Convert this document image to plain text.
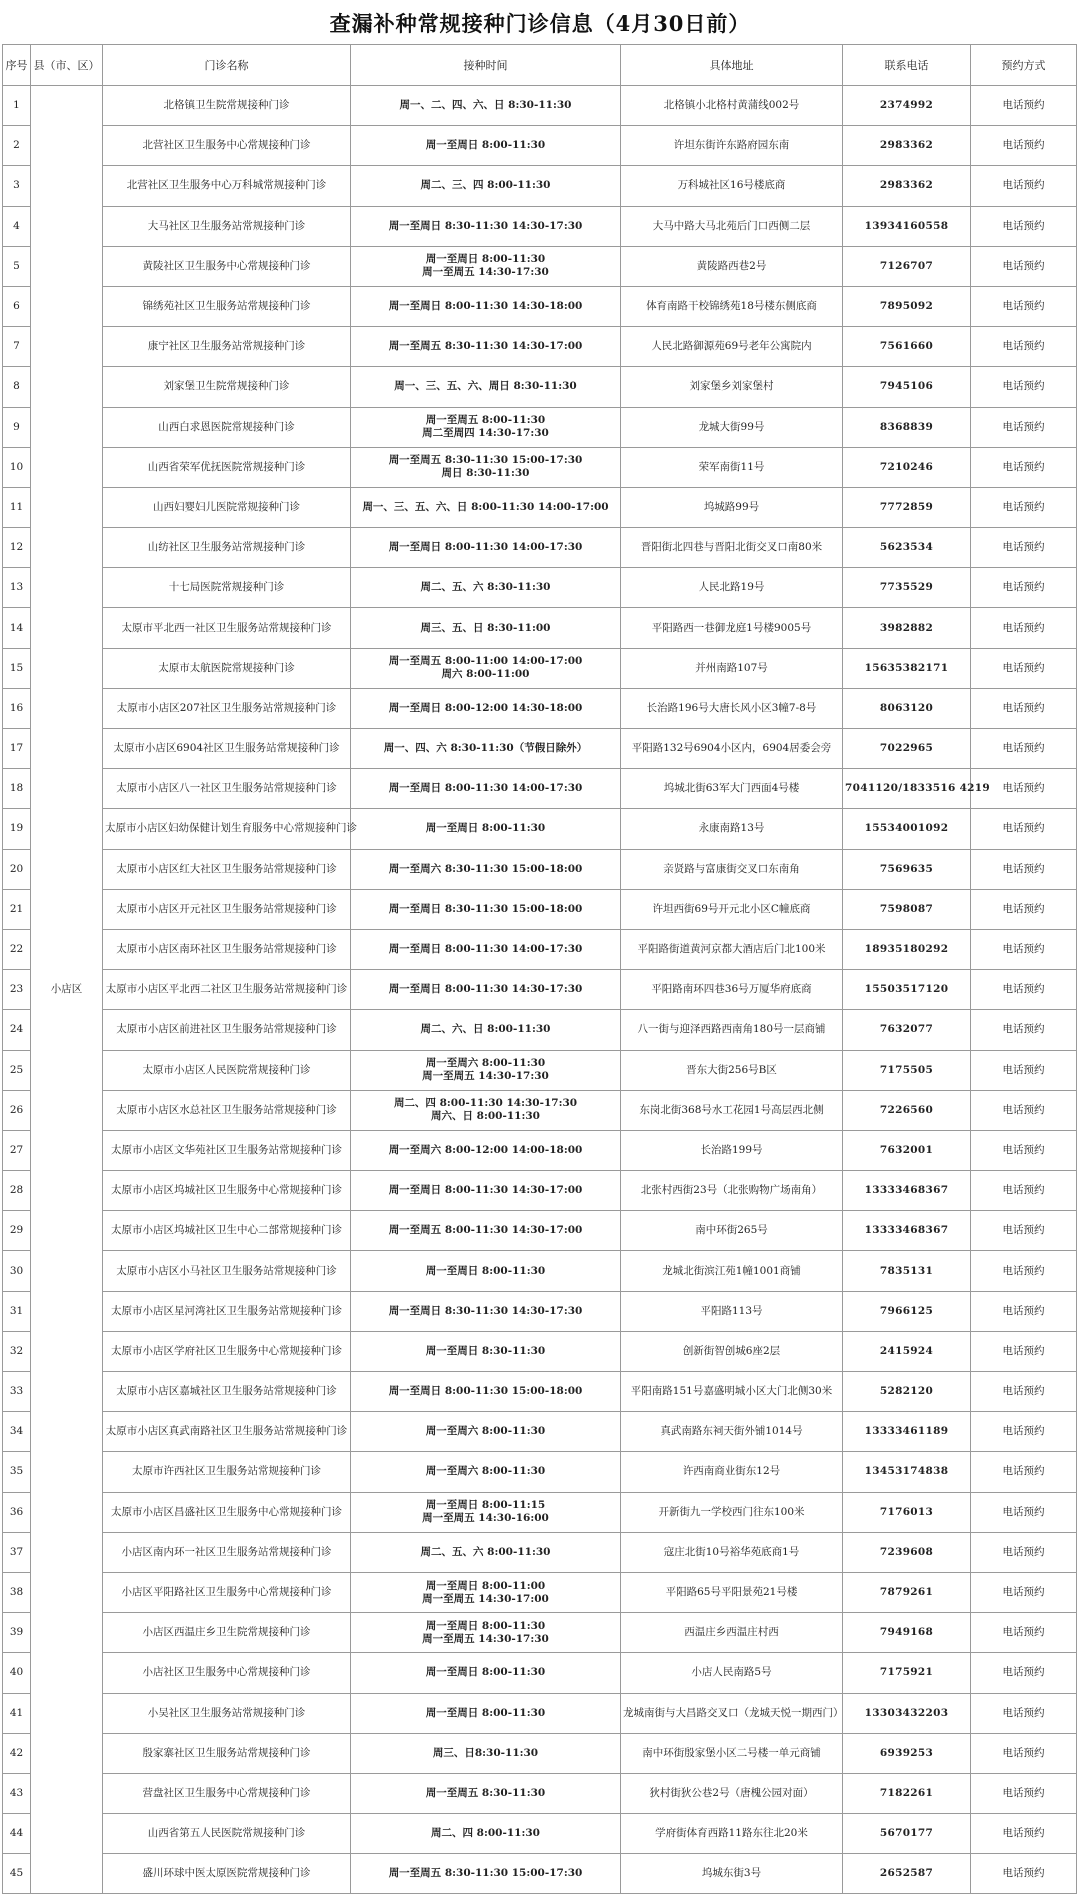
查漏补种常规接种门诊信息（4月30日前）
序号	县（市、区）	门诊名称	接种时间	具体地址	联系电话	预约方式
1	小店区	北格镇卫生院常规接种门诊	周一、二、四、六、日 8:30-11:30	北格镇小北格村黄蒲线002号	2374992	电话预约
2		北营社区卫生服务中心常规接种门诊	周一至周日 8:00-11:30	许坦东街许东路府园东南	2983362	电话预约
3		北营社区卫生服务中心万科城常规接种门诊	周二、三、四 8:00-11:30	万科城社区16号楼底商	2983362	电话预约
4		大马社区卫生服务站常规接种门诊	周一至周日 8:30-11:30 14:30-17:30	大马中路大马北苑后门口西侧二层	13934160558	电话预约
5		黄陵社区卫生服务中心常规接种门诊	周一至周日 8:00-11:30
周一至周五 14:30-17:30	黄陵路西巷2号	7126707	电话预约
6		锦绣苑社区卫生服务站常规接种门诊	周一至周日 8:00-11:30 14:30-18:00	体育南路干校锦绣苑18号楼东侧底商	7895092	电话预约
7		康宁社区卫生服务站常规接种门诊	周一至周五 8:30-11:30 14:30-17:00	人民北路御源苑69号老年公寓院内	7561660	电话预约
8		刘家堡卫生院常规接种门诊	周一、三、五、六、周日 8:30-11:30	刘家堡乡刘家堡村	7945106	电话预约
9		山西白求恩医院常规接种门诊	周一至周五 8:00-11:30
周二至周四 14:30-17:30	龙城大街99号	8368839	电话预约
10		山西省荣军优抚医院常规接种门诊	周一至周五 8:30-11:30 15:00-17:30
周日 8:30-11:30	荣军南街11号	7210246	电话预约
11		山西妇婴妇儿医院常规接种门诊	周一、三、五、六、日 8:00-11:30 14:00-17:00	坞城路99号	7772859	电话预约
12		山纺社区卫生服务站常规接种门诊	周一至周日 8:00-11:30 14:00-17:30	晋阳街北四巷与晋阳北街交叉口南80米	5623534	电话预约
13		十七局医院常规接种门诊	周二、五、六 8:30-11:30	人民北路19号	7735529	电话预约
14		太原市平北西一社区卫生服务站常规接种门诊	周三、五、日 8:30-11:00	平阳路西一巷御龙庭1号楼9005号	3982882	电话预约
15		太原市太航医院常规接种门诊	周一至周五 8:00-11:00 14:00-17:00
周六 8:00-11:00	并州南路107号	15635382171	电话预约
16		太原市小店区207社区卫生服务站常规接种门诊	周一至周日 8:00-12:00 14:30-18:00	长治路196号大唐长风小区3幢7-8号	8063120	电话预约
17		太原市小店区6904社区卫生服务站常规接种门诊	周一、四、六 8:30-11:30（节假日除外）	平阳路132号6904小区内，6904居委会旁	7022965	电话预约
18		太原市小店区八一社区卫生服务站常规接种门诊	周一至周日 8:00-11:30 14:00-17:30	坞城北街63军大门西面4号楼	7041120/1833516 4219	电话预约
19		太原市小店区妇幼保健计划生育服务中心常规接种门诊	周一至周日 8:00-11:30	永康南路13号	15534001092	电话预约
20		太原市小店区红大社区卫生服务站常规接种门诊	周一至周六 8:30-11:30 15:00-18:00	亲贤路与富康街交叉口东南角	7569635	电话预约
21		太原市小店区开元社区卫生服务站常规接种门诊	周一至周日 8:30-11:30 15:00-18:00	许坦西街69号开元北小区C幢底商	7598087	电话预约
22		太原市小店区南环社区卫生服务站常规接种门诊	周一至周日 8:00-11:30 14:00-17:30	平阳路街道黄河京都大酒店后门北100米	18935180292	电话预约
23		太原市小店区平北西二社区卫生服务站常规接种门诊	周一至周日 8:00-11:30 14:30-17:30	平阳路南环四巷36号万厦华府底商	15503517120	电话预约
24		太原市小店区前进社区卫生服务站常规接种门诊	周二、六、日 8:00-11:30	八一街与迎泽西路西南角180号一层商铺	7632077	电话预约
25		太原市小店区人民医院常规接种门诊	周一至周六 8:00-11:30
周一至周五 14:30-17:30	晋东大街256号B区	7175505	电话预约
26		太原市小店区水总社区卫生服务站常规接种门诊	周二、四 8:00-11:30 14:30-17:30
周六、日 8:00-11:30	东岗北街368号水工花园1号高层西北侧	7226560	电话预约
27		太原市小店区文华苑社区卫生服务站常规接种门诊	周一至周六 8:00-12:00 14:00-18:00	长治路199号	7632001	电话预约
28		太原市小店区坞城社区卫生服务中心常规接种门诊	周一至周日 8:00-11:30 14:30-17:00	北张村西街23号（北张购物广场南角）	13333468367	电话预约
29		太原市小店区坞城社区卫生中心二部常规接种门诊	周一至周五 8:00-11:30 14:30-17:00	南中环街265号	13333468367	电话预约
30		太原市小店区小马社区卫生服务站常规接种门诊	周一至周日 8:00-11:30	龙城北街滨江苑1幢1001商铺	7835131	电话预约
31		太原市小店区星河湾社区卫生服务站常规接种门诊	周一至周日 8:30-11:30 14:30-17:30	平阳路113号	7966125	电话预约
32		太原市小店区学府社区卫生服务中心常规接种门诊	周一至周日 8:30-11:30	创新街智创城6座2层	2415924	电话预约
33		太原市小店区嘉城社区卫生服务站常规接种门诊	周一至周日 8:00-11:30 15:00-18:00	平阳南路151号嘉盛明城小区大门北侧30米	5282120	电话预约
34		太原市小店区真武南路社区卫生服务站常规接种门诊	周一至周六 8:00-11:30	真武南路东祠天街外铺1014号	13333461189	电话预约
35		太原市许西社区卫生服务站常规接种门诊	周一至周六 8:00-11:30	许西南商业街东12号	13453174838	电话预约
36		太原市小店区昌盛社区卫生服务中心常规接种门诊	周一至周日 8:00-11:15
周一至周五 14:30-16:00	开新街九一学校西门往东100米	7176013	电话预约
37		小店区南内环一社区卫生服务站常规接种门诊	周二、五、六 8:00-11:30	寇庄北街10号裕华苑底商1号	7239608	电话预约
38		小店区平阳路社区卫生服务中心常规接种门诊	周一至周日 8:00-11:00
周一至周五 14:30-17:00	平阳路65号平阳景苑21号楼	7879261	电话预约
39		小店区西温庄乡卫生院常规接种门诊	周一至周日 8:00-11:30
周一至周五 14:30-17:30	西温庄乡西温庄村西	7949168	电话预约
40		小店社区卫生服务中心常规接种门诊	周一至周日 8:00-11:30	小店人民南路5号	7175921	电话预约
41		小吴社区卫生服务站常规接种门诊	周一至周日 8:00-11:30	龙城南街与大昌路交叉口（龙城天悦一期西门）	13303432203	电话预约
42		殷家寨社区卫生服务站常规接种门诊	周三、日8:30-11:30	南中环街殷家堡小区二号楼一单元商铺	6939253	电话预约
43		营盘社区卫生服务中心常规接种门诊	周一至周五 8:30-11:30	狄村街狄公巷2号（唐槐公园对面）	7182261	电话预约
44		山西省第五人民医院常规接种门诊	周二、四 8:00-11:30	学府街体育西路11路东往北20米	5670177	电话预约
45		盛川环球中医太原医院常规接种门诊	周一至周五 8:30-11:30 15:00-17:30	坞城东街3号	2652587	电话预约
